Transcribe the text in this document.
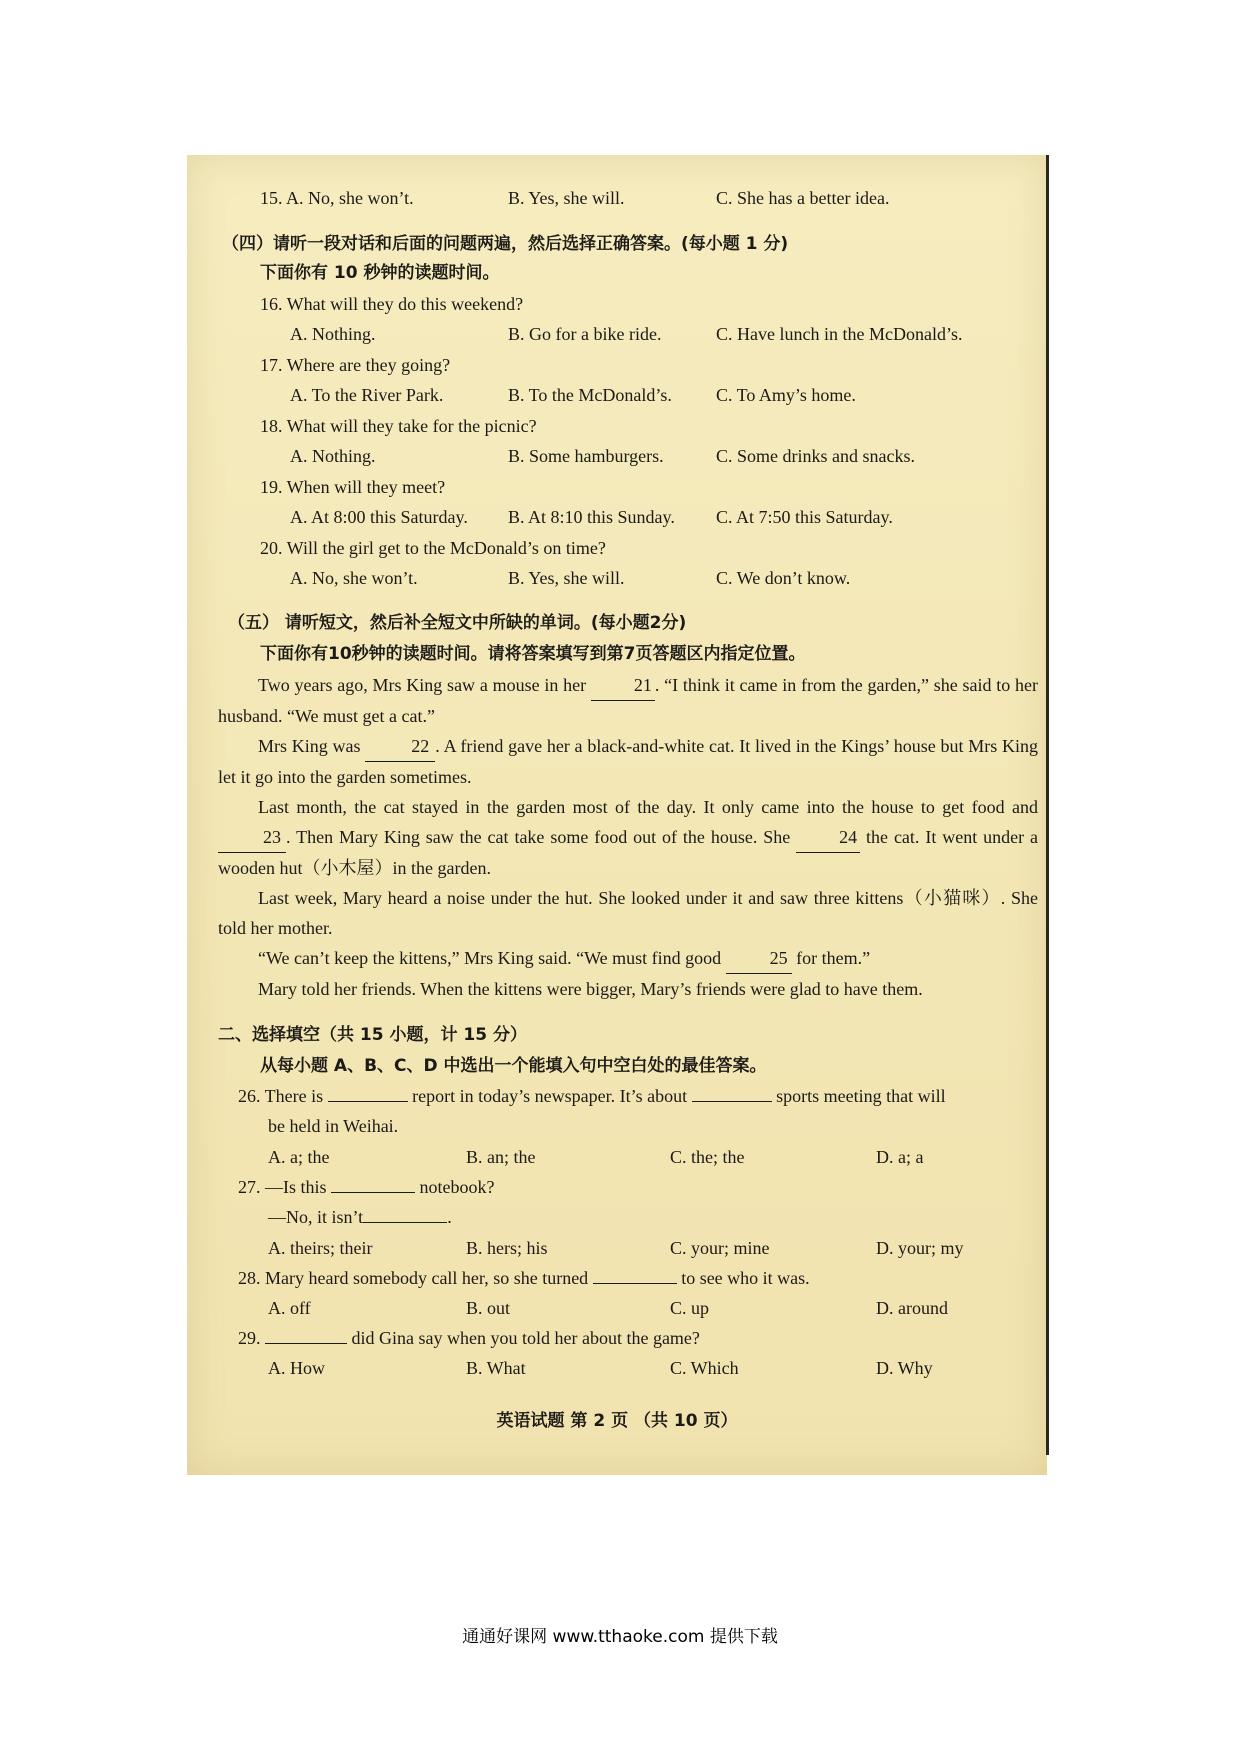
15. A. No, she won’t.	B. Yes, she will.	C. She has a better idea.
（四）请听一段对话和后面的问题两遍，然后选择正确答案。(每小题 1 分)
下面你有 10 秒钟的读题时间。
16. What will they do this weekend?
A. Nothing.	B. Go for a bike ride.	C. Have lunch in the McDonald’s.
17. Where are they going?
A. To the River Park.	B. To the McDonald’s. C. To Amy’s home.
18. What will they take for the picnic?
A. Nothing.	B. Some hamburgers.	C. Some drinks and snacks.
19. When will they meet?
A. At 8:00 this Saturday. B. At 8:10 this Sunday. C. At 7:50 this Saturday.
20. Will the girl get to the McDonald’s on time?
A. No, she won’t.	B. Yes, she will.	C. We don’t know.
（五） 请听短文，然后补全短文中所缺的单词。(每小题2分)
下面你有10秒钟的读题时间。请将答案填写到第7页答题区内指定位置。
Two years ago, Mrs King saw a mouse in her	21 . “I think it came in from the garden,” she said to her husband. “We must get a cat.”
Mrs King was	22 . A friend gave her a black-and-white cat. It lived in the Kings’ house but Mrs King let it go into the garden sometimes.
Last month, the cat stayed in the garden most of the day. It only came into the house to get food and 23 . Then Mary King saw the cat take some food out of the house. She	24 the cat. It went under a wooden hut（小木屋）in the garden.
Last week, Mary heard a noise under the hut. She looked under it and saw three kittens（小猫咪）. She told her mother.
“We can’t keep the kittens,” Mrs King said. “We must find good	25 for them.”
Mary told her friends. When the kittens were bigger, Mary’s friends were glad to have them.
二、选择填空（共 15 小题，计 15 分）
从每小题 A、B、C、D 中选出一个能填入句中空白处的最佳答案。
26. There is	report in today’s newspaper. It’s about	sports meeting that will
be held in Weihai.
A. a; the	B. an; the	C. the; the	D. a; a
27. —Is this	notebook?
—No, it isn’t	.
A. theirs; their	B. hers; his	C. your; mine	D. your; my
28. Mary heard somebody call her, so she turned	to see who it was.
A. off	B. out	C. up	D. around
29.	did Gina say when you told her about the game?
A. How	B. What	C. Which	D. Why
英语试题 第 2 页 （共 10 页）
通通好课网 www.tthaoke.com 提供下载
